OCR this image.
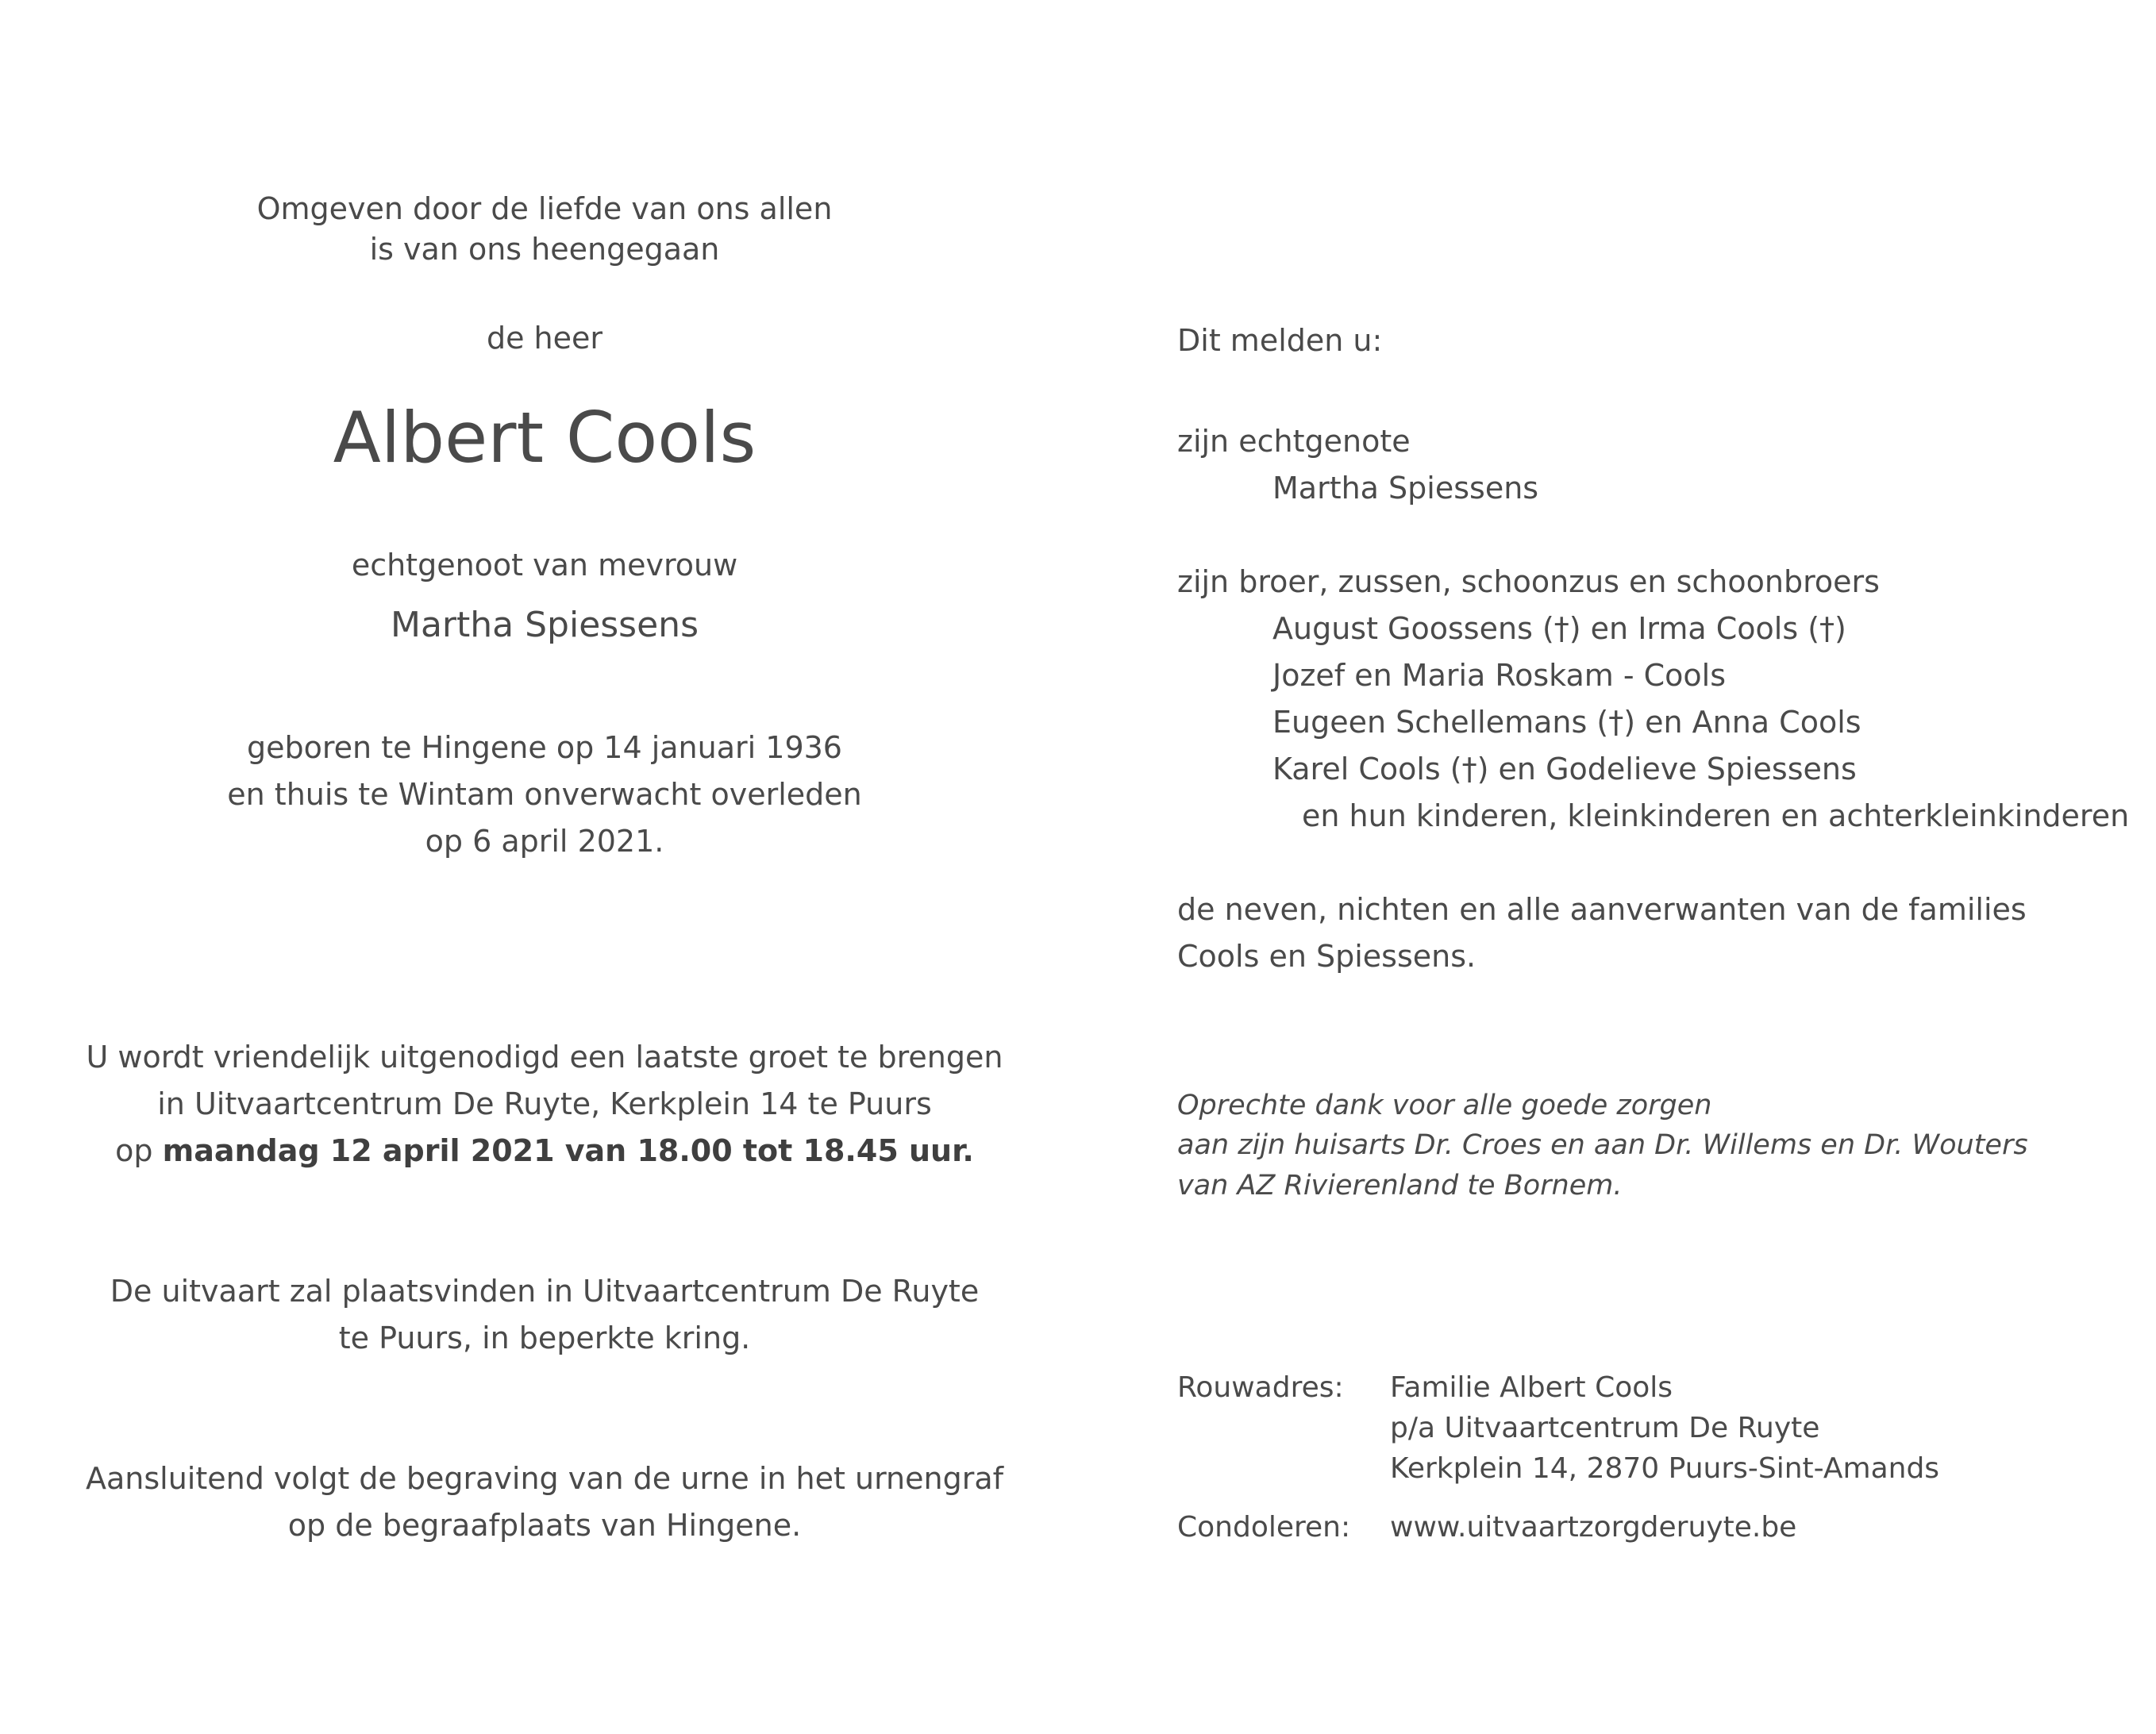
Omgeven door de liefde van ons allen
is van ons heengegaan
de heer
Albert Cools
echtgenoot van mevrouw
Martha Spiessens
geboren te Hingene op 14 januari 1936
en thuis te Wintam onverwacht overleden
op 6 april 2021.
U wordt vriendelijk uitgenodigd een laatste groet te brengen
in Uitvaartcentrum De Ruyte, Kerkplein 14 te Puurs
op maandag 12 april 2021 van 18.00 tot 18.45 uur.
De uitvaart zal plaatsvinden in Uitvaartcentrum De Ruyte
te Puurs, in beperkte kring.
Aansluitend volgt de begraving van de urne in het urnengraf
op de begraafplaats van Hingene.
Dit melden u:
zijn echtgenote
Martha Spiessens
zijn broer, zussen, schoonzus en schoonbroers
August Goossens (†) en Irma Cools (†)
Jozef en Maria Roskam - Cools
Eugeen Schellemans (†) en Anna Cools
Karel Cools (†) en Godelieve Spiessens
en hun kinderen, kleinkinderen en achterkleinkinderen
de neven, nichten en alle aanverwanten van de families
Cools en Spiessens.
Oprechte dank voor alle goede zorgen
aan zijn huisarts Dr. Croes en aan Dr. Willems en Dr. Wouters
van AZ Rivierenland te Bornem.
Rouwadres: Familie Albert Cools
p/a Uitvaartcentrum De Ruyte
Kerkplein 14, 2870 Puurs-Sint-Amands
Condoleren: www.uitvaartzorgderuyte.be
